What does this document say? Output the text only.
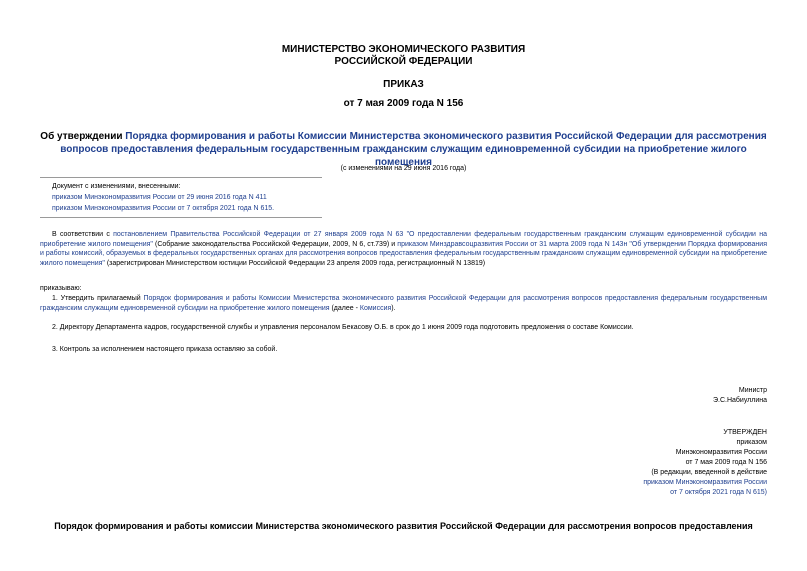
МИНИСТЕРСТВО ЭКОНОМИЧЕСКОГО РАЗВИТИЯ
РОССИЙСКОЙ ФЕДЕРАЦИИ
ПРИКАЗ
от 7 мая 2009 года N 156
Об утверждении Порядка формирования и работы Комиссии Министерства экономического развития Российской Федерации для рассмотрения вопросов предоставления федеральным государственным гражданским служащим единовременной субсидии на приобретение жилого помещения
(с изменениями на 29 июня 2016 года)
Документ с изменениями, внесенными:
приказом Минэкономразвития России от 29 июня 2016 года N 411
приказом Минэкономразвития России от 7 октября 2021 года N 615.
В соответствии с постановлением Правительства Российской Федерации от 27 января 2009 года N 63 "О предоставлении федеральным государственным гражданским служащим единовременной субсидии на приобретение жилого помещения" (Собрание законодательства Российской Федерации, 2009, N 6, ст.739) и приказом Минздравсоцразвития России от 31 марта 2009 года N 143н "Об утверждении Порядка формирования и работы комиссий, образуемых в федеральных государственных органах для рассмотрения вопросов предоставления федеральным государственным гражданским служащим единовременной субсидии на приобретение жилого помещения" (зарегистрирован Министерством юстиции Российской Федерации 23 апреля 2009 года, регистрационный N 13819)
приказываю:
1. Утвердить прилагаемый Порядок формирования и работы Комиссии Министерства экономического развития Российской Федерации для рассмотрения вопросов предоставления федеральным государственным гражданским служащим единовременной субсидии на приобретение жилого помещения (далее - Комиссия).
2. Директору Департамента кадров, государственной службы и управления персоналом Бекасову О.Б. в срок до 1 июня 2009 года подготовить предложения о составе Комиссии.
3. Контроль за исполнением настоящего приказа оставляю за собой.
Министр
Э.С.Набиуллина
УТВЕРЖДЕН
приказом
Минэкономразвития России
от 7 мая 2009 года N 156
(В редакции, введенной в действие
приказом Минэкономразвития России
от 7 октября 2021 года N 615)
Порядок формирования и работы комиссии Министерства экономического развития Российской Федерации для рассмотрения вопросов предоставления
